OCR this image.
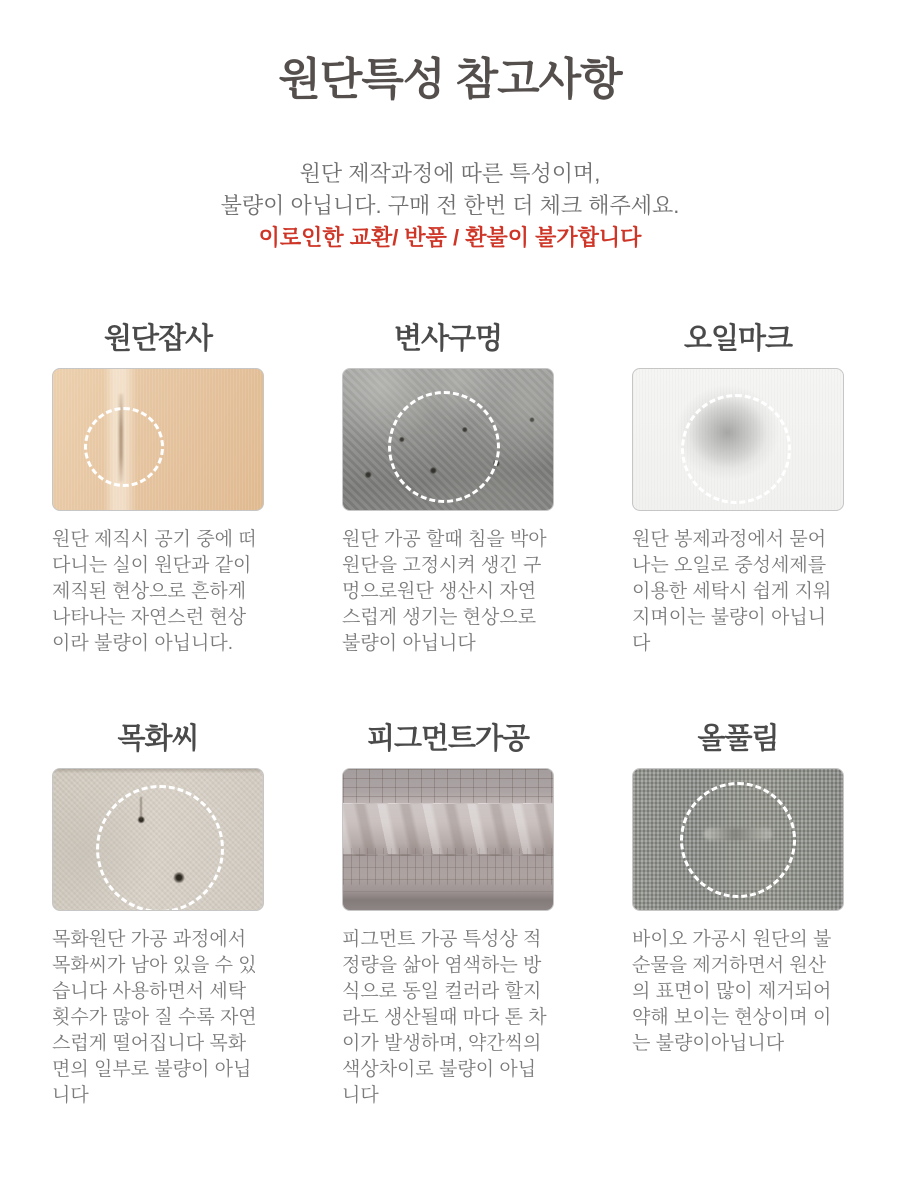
원단특성 참고사항
원단 제작과정에 따른 특성이며,
불량이 아닙니다. 구매 전 한번 더 체크 해주세요.
이로인한 교환/ 반품 / 환불이 불가합니다
원단잡사

원단 제직시 공기 중에 떠다니는 실이 원단과 같이 제직된 현상으로 흔하게 나타나는 자연스런 현상이라 불량이 아닙니다.

변사구멍

원단 가공 할때 침을 박아 원단을 고정시켜 생긴 구멍으로원단 생산시 자연스럽게 생기는 현상으로 불량이 아닙니다

오일마크

원단 봉제과정에서 묻어나는 오일로 중성세제를 이용한 세탁시 쉽게 지워지며이는 불량이 아닙니다

목화씨

목화원단 가공 과정에서 목화씨가 남아 있을 수 있습니다 사용하면서 세탁 횟수가 많아 질 수록 자연스럽게 떨어집니다 목화면의 일부로 불량이 아닙니다

피그먼트가공

피그먼트 가공 특성상 적정량을 삶아 염색하는 방식으로 동일 컬러라 할지라도 생산될때 마다 톤 차이가 발생하며, 약간씩의 색상차이로 불량이 아닙니다

올풀림

바이오 가공시 원단의 불순물을 제거하면서 원산의 표면이 많이 제거되어 약해 보이는 현상이며 이는 불량이아닙니다
